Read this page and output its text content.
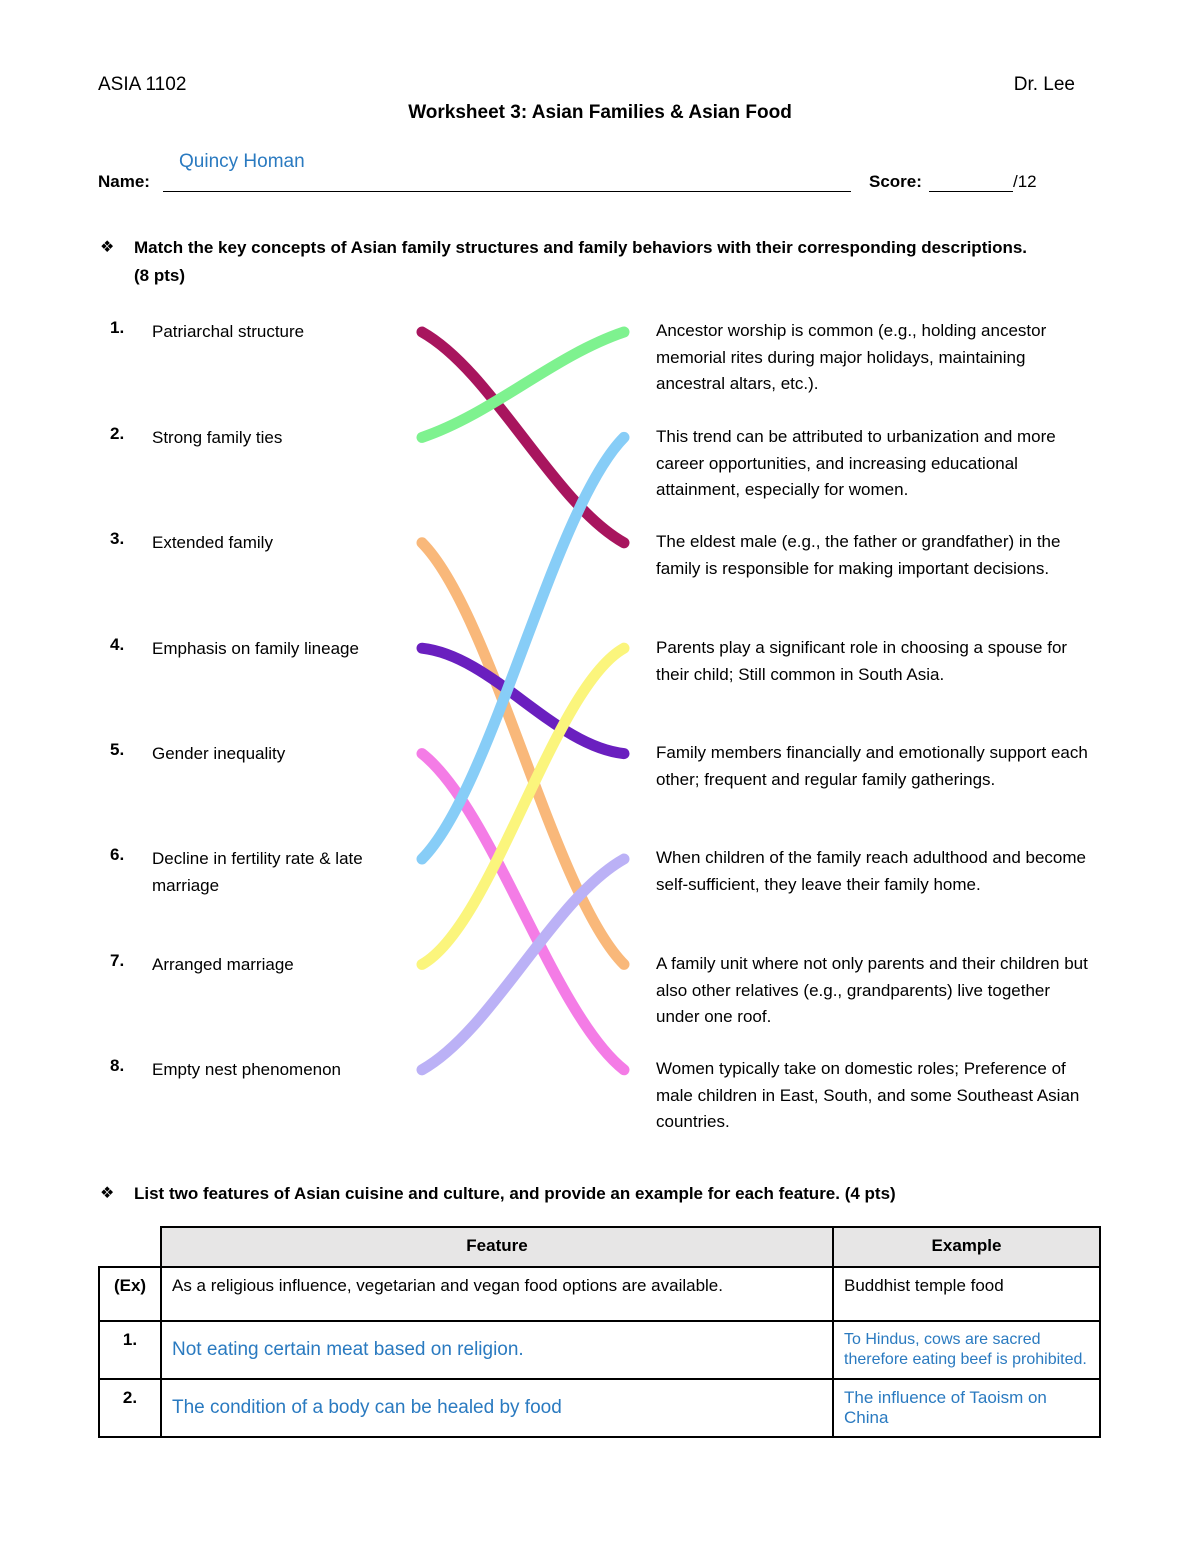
ASIA 1102	Dr. Lee
Worksheet 3: Asian Families & Asian Food
Name:
Quincy Homan
Score:	/12
❖ Match the key concepts of Asian family structures and family behaviors with their corresponding descriptions. (8 pts)
1. Patriarchal structure
2. Strong family ties
3. Extended family
4. Emphasis on family lineage
5. Gender inequality
6. Decline in fertility rate & late marriage
7. Arranged marriage
8. Empty nest phenomenon
Ancestor worship is common (e.g., holding ancestor memorial rites during major holidays, maintaining ancestral altars, etc.).
This trend can be attributed to urbanization and more career opportunities, and increasing educational attainment, especially for women.
The eldest male (e.g., the father or grandfather) in the family is responsible for making important decisions.
Parents play a significant role in choosing a spouse for their child; Still common in South Asia.
Family members financially and emotionally support each other; frequent and regular family gatherings.
When children of the family reach adulthood and become self-sufficient, they leave their family home.
A family unit where not only parents and their children but also other relatives (e.g., grandparents) live together under one roof.
Women typically take on domestic roles; Preference of male children in East, South, and some Southeast Asian countries.
❖ List two features of Asian cuisine and culture, and provide an example for each feature. (4 pts)
	Feature	Example
(Ex)	As a religious influence, vegetarian and vegan food options are available.	Buddhist temple food
1.	Not eating certain meat based on religion.	To Hindus, cows are sacred therefore eating beef is prohibited.
2.	The condition of a body can be healed by food	The influence of Taoism on China
